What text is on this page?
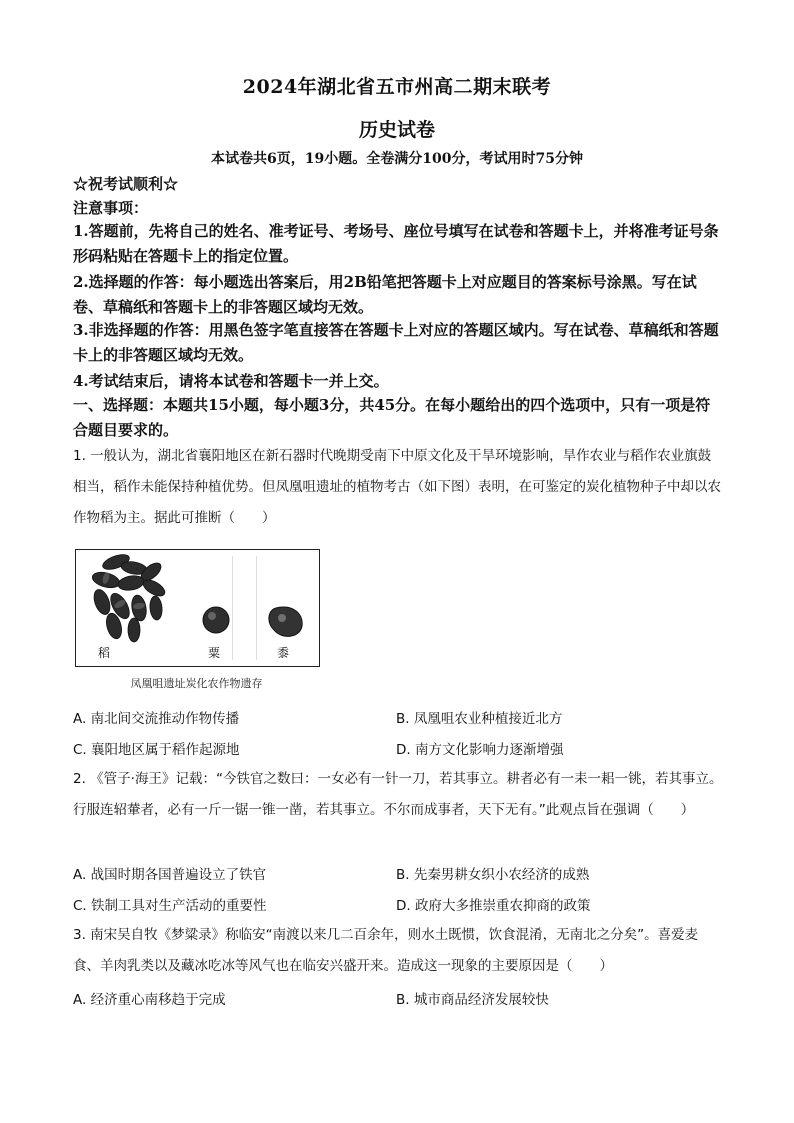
2024年湖北省五市州高二期末联考
历史试卷
本试卷共6页，19小题。全卷满分100分，考试用时75分钟
☆祝考试顺利☆
注意事项：
1.答题前，先将自己的姓名、准考证号、考场号、座位号填写在试卷和答题卡上，并将准考证号条形码粘贴在答题卡上的指定位置。
2.选择题的作答：每小题选出答案后，用2B铅笔把答题卡上对应题目的答案标号涂黑。写在试卷、草稿纸和答题卡上的非答题区域均无效。
3.非选择题的作答：用黑色签字笔直接答在答题卡上对应的答题区域内。写在试卷、草稿纸和答题卡上的非答题区域均无效。
4.考试结束后，请将本试卷和答题卡一并上交。
一、选择题：本题共15小题，每小题3分，共45分。在每小题给出的四个选项中，只有一项是符合题目要求的。
1. 一般认为，湖北省襄阳地区在新石器时代晚期受南下中原文化及干旱环境影响，旱作农业与稻作农业旗鼓相当，稻作未能保持种植优势。但凤凰咀遗址的植物考古（如下图）表明，在可鉴定的炭化植物种子中却以农作物稻为主。据此可推断（　　）
稻	粟	黍
凤凰咀遗址炭化农作物遗存
A. 南北间交流推动作物传播	B. 凤凰咀农业种植接近北方
C. 襄阳地区属于稻作起源地	D. 南方文化影响力逐渐增强
2. 《管子·海王》记载：“今铁官之数曰：一女必有一针一刀，若其事立。耕者必有一耒一耜一铫，若其事立。行服连轺輂者，必有一斤一锯一锥一凿，若其事立。不尔而成事者，天下无有。”此观点旨在强调（　　）
A. 战国时期各国普遍设立了铁官	B. 先秦男耕女织小农经济的成熟
C. 铁制工具对生产活动的重要性	D. 政府大多推崇重农抑商的政策
3. 南宋吴自牧《梦粱录》称临安“南渡以来几二百余年，则水土既惯，饮食混淆，无南北之分矣”。喜爱麦食、羊肉乳类以及藏冰吃冰等风气也在临安兴盛开来。造成这一现象的主要原因是（　　）
A. 经济重心南移趋于完成	B. 城市商品经济发展较快
